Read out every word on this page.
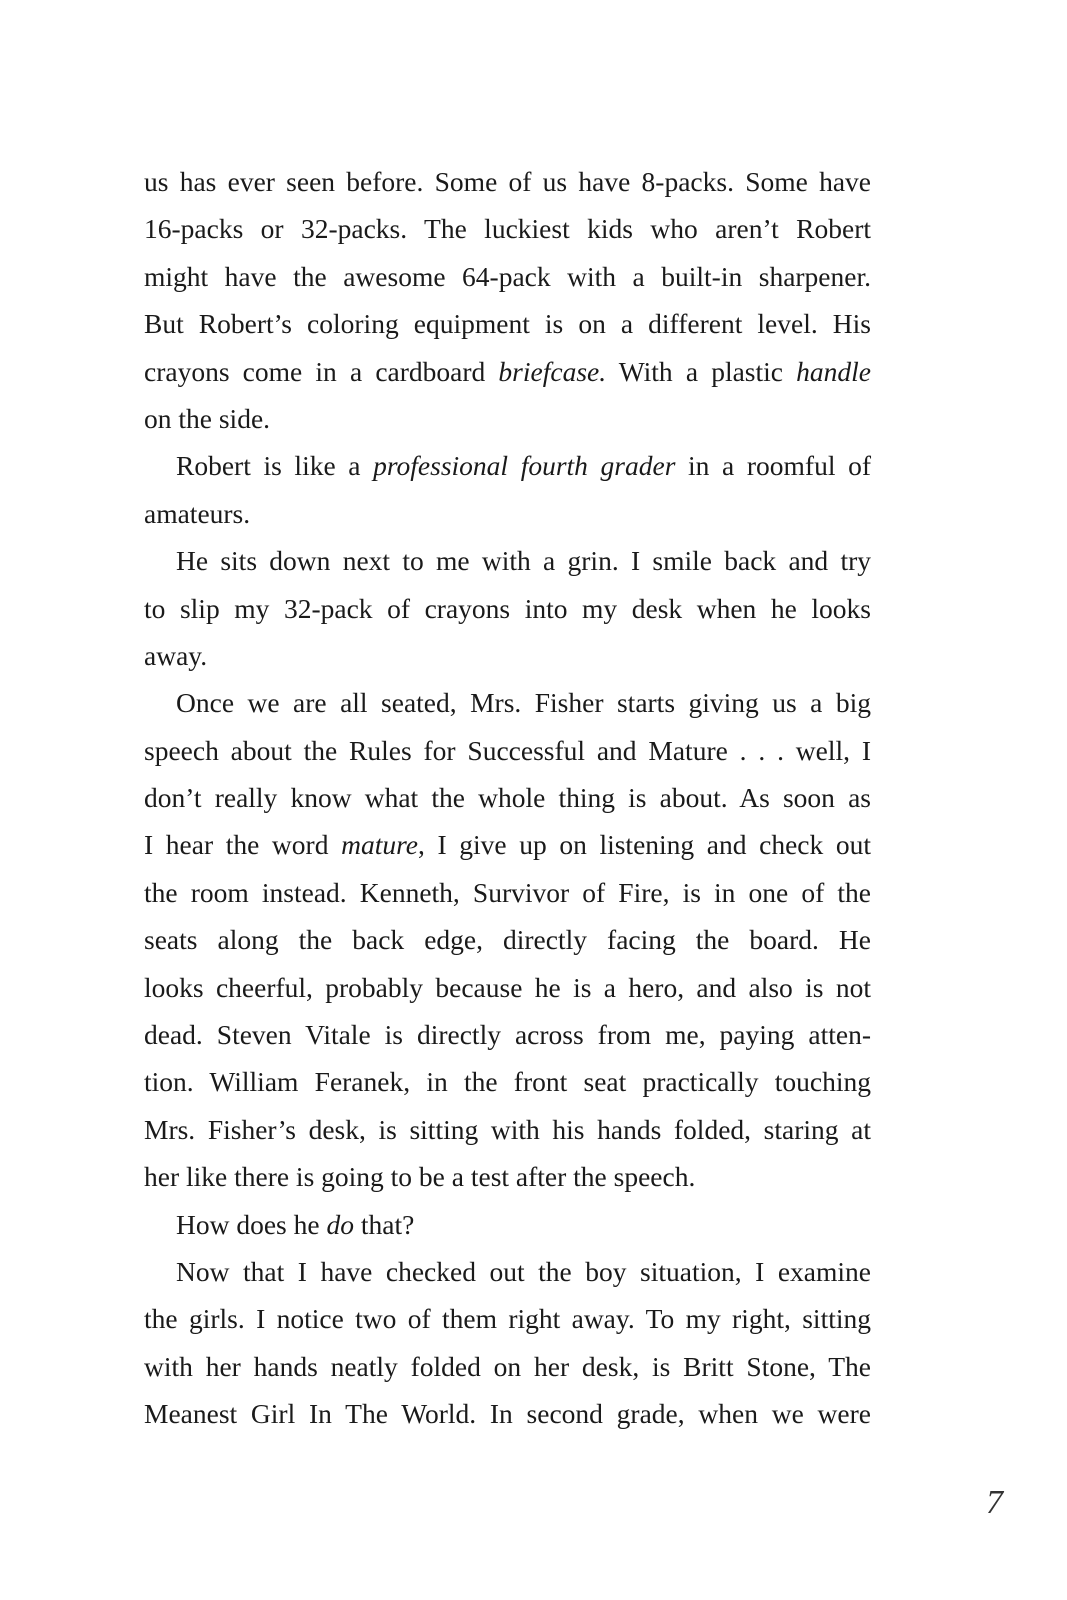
us has ever seen before. Some of us have 8-packs. Some have
16-packs or 32-packs. The luckiest kids who aren’t Robert
might have the awesome 64-pack with a built-in sharpener.
But Robert’s coloring equipment is on a different level. His
crayons come in a cardboard briefcase. With a plastic handle
on the side.
Robert is like a professional fourth grader in a roomful of
amateurs.
He sits down next to me with a grin. I smile back and try
to slip my 32-pack of crayons into my desk when he looks
away.
Once we are all seated, Mrs. Fisher starts giving us a big
speech about the Rules for Successful and Mature . . . well, I
don’t really know what the whole thing is about. As soon as
I hear the word mature, I give up on listening and check out
the room instead. Kenneth, Survivor of Fire, is in one of the
seats along the back edge, directly facing the board. He
looks cheerful, probably because he is a hero, and also is not
dead. Steven Vitale is directly across from me, paying atten-
tion. William Feranek, in the front seat practically touching
Mrs. Fisher’s desk, is sitting with his hands folded, staring at
her like there is going to be a test after the speech.
How does he do that?
Now that I have checked out the boy situation, I examine
the girls. I notice two of them right away. To my right, sitting
with her hands neatly folded on her desk, is Britt Stone, The
Meanest Girl In The World. In second grade, when we were
7
